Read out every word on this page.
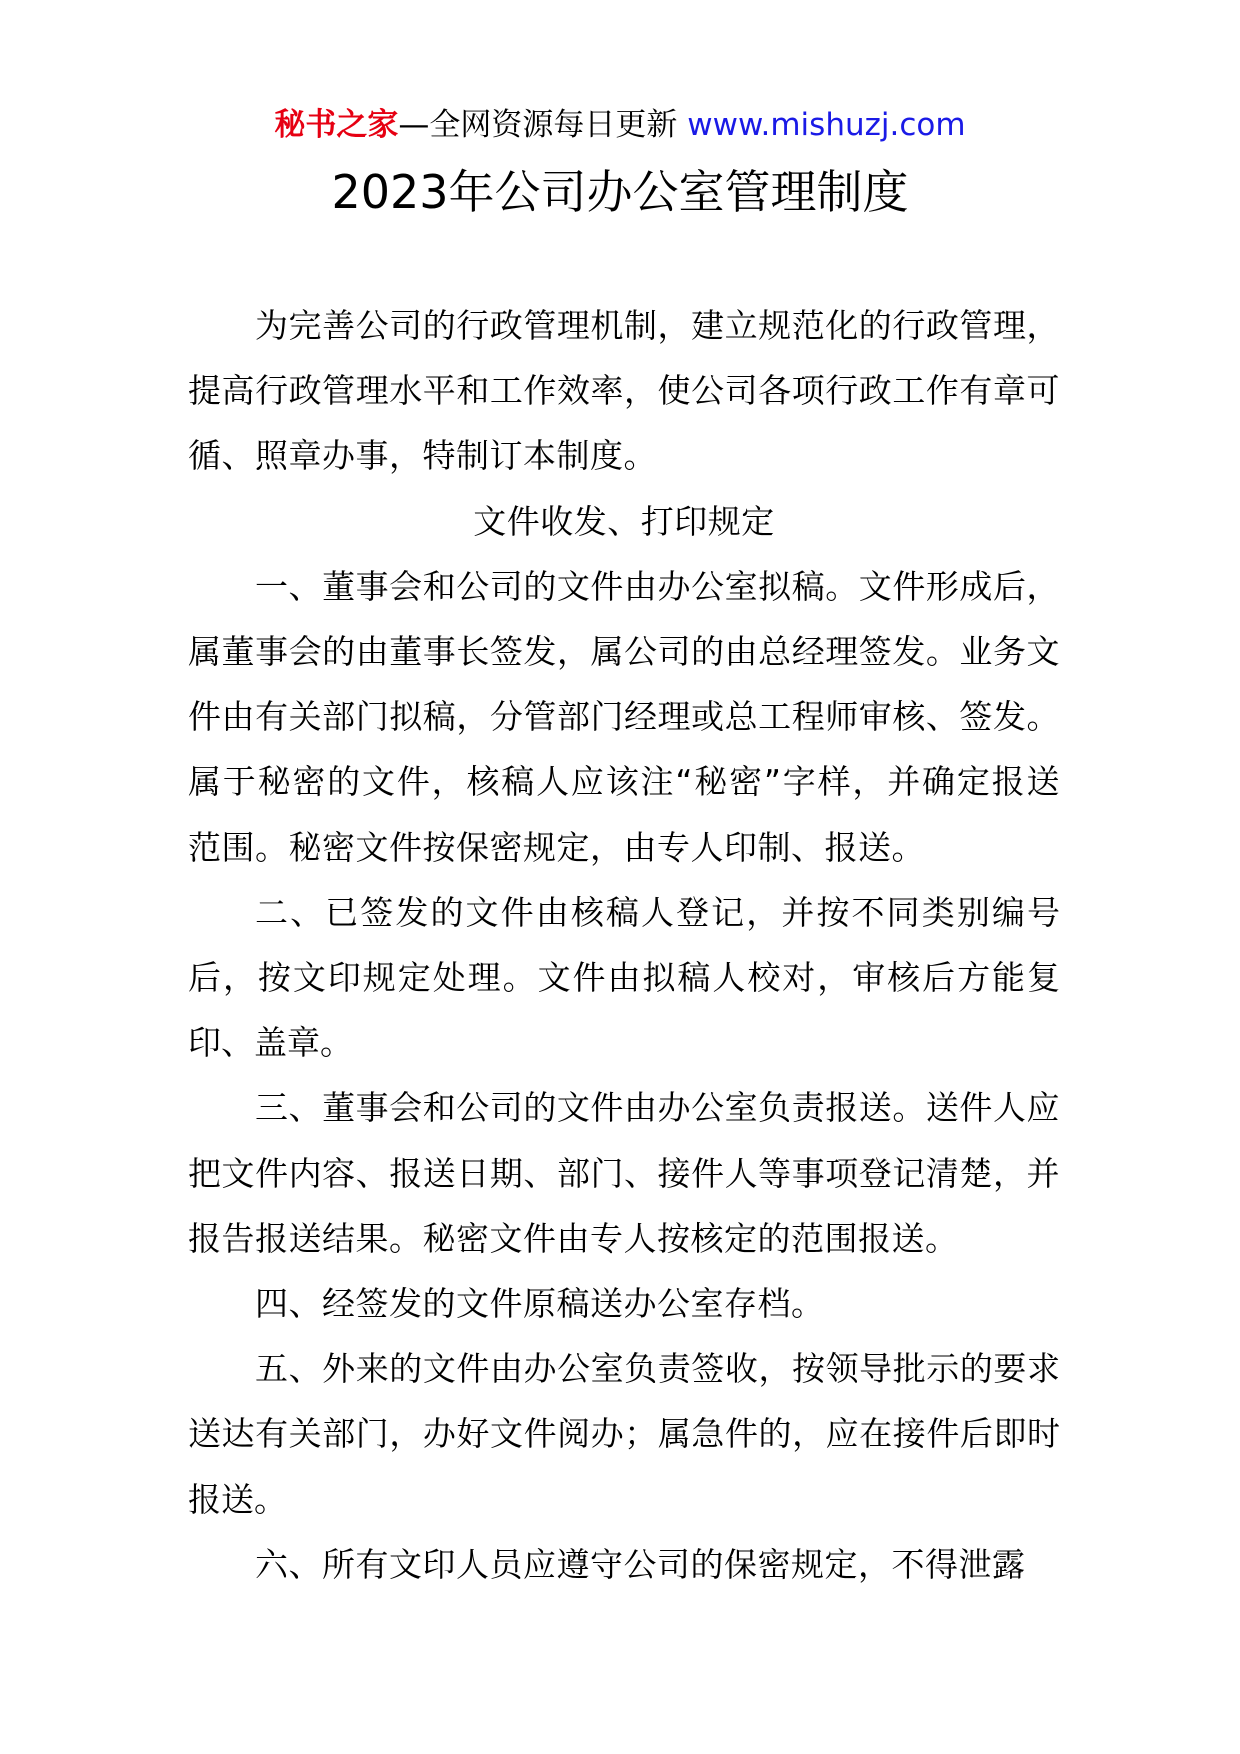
秘书之家—全网资源每日更新 www.mishuzj.com
2023年公司办公室管理制度

为完善公司的行政管理机制，建立规范化的行政管理，提高行政管理水平和工作效率，使公司各项行政工作有章可循、照章办事，特制订本制度。

文件收发、打印规定

一、董事会和公司的文件由办公室拟稿。文件形成后，属董事会的由董事长签发，属公司的由总经理签发。业务文件由有关部门拟稿，分管部门经理或总工程师审核、签发。属于秘密的文件，核稿人应该注“秘密”字样，并确定报送范围。秘密文件按保密规定，由专人印制、报送。

二、已签发的文件由核稿人登记，并按不同类别编号后，按文印规定处理。文件由拟稿人校对，审核后方能复印、盖章。

三、董事会和公司的文件由办公室负责报送。送件人应把文件内容、报送日期、部门、接件人等事项登记清楚，并报告报送结果。秘密文件由专人按核定的范围报送。

四、经签发的文件原稿送办公室存档。

五、外来的文件由办公室负责签收，按领导批示的要求送达有关部门，办好文件阅办；属急件的，应在接件后即时报送。

六、所有文印人员应遵守公司的保密规定，不得泄露
